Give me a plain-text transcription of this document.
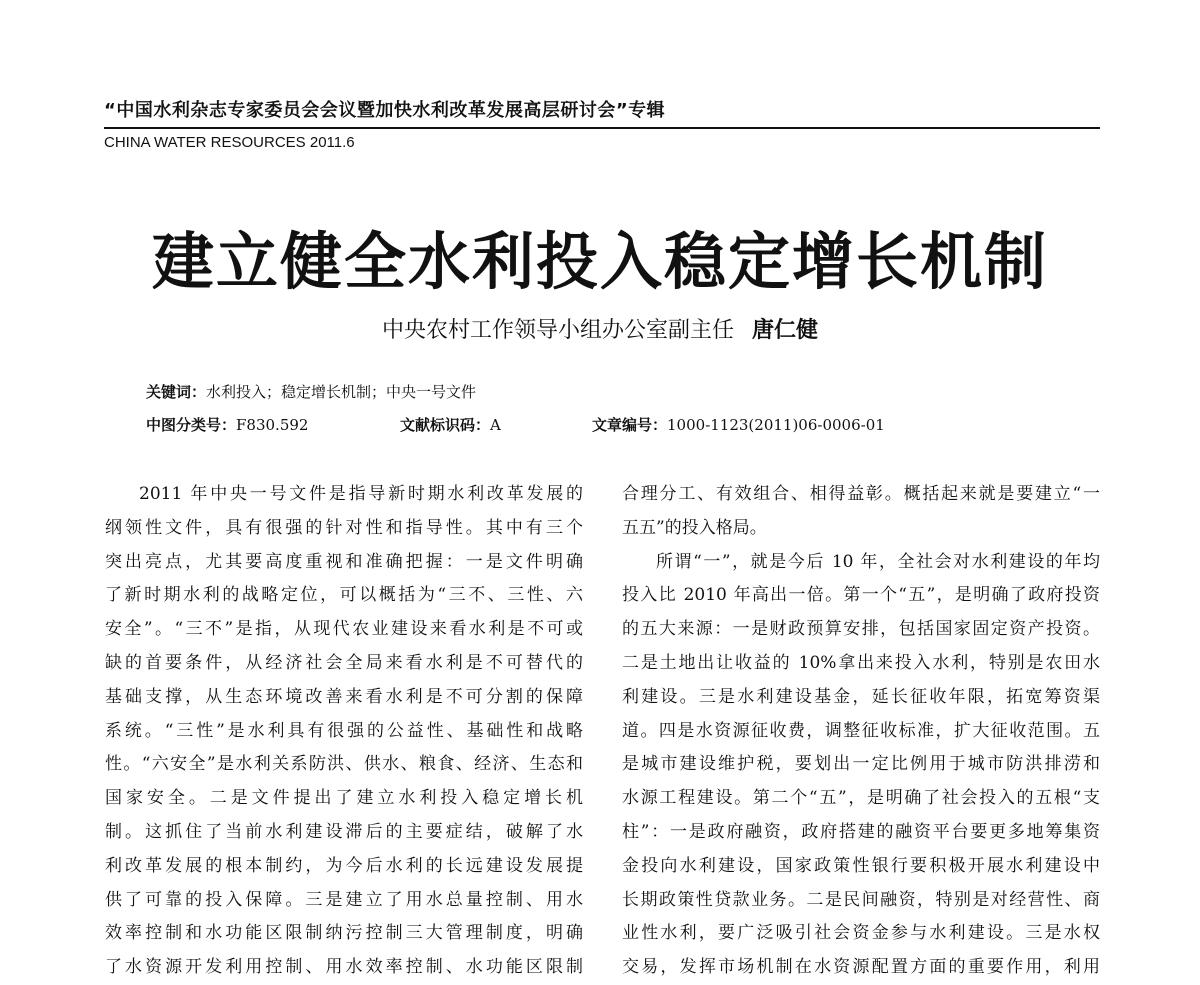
“中国水利杂志专家委员会会议暨加快水利改革发展高层研讨会”专辑
CHINA WATER RESOURCES 2011.6
建立健全水利投入稳定增长机制
中央农村工作领导小组办公室副主任 唐仁健
关键词：水利投入；稳定增长机制；中央一号文件
中图分类号：F830.592	文献标识码：A	文章编号：1000-1123(2011)06-0006-01
2011 年中央一号文件是指导新时期水利改革发展的
纲领性文件，具有很强的针对性和指导性。其中有三个
突出亮点，尤其要高度重视和准确把握：一是文件明确
了新时期水利的战略定位，可以概括为“三不、三性、六
安全”。“三不”是指，从现代农业建设来看水利是不可或
缺的首要条件，从经济社会全局来看水利是不可替代的
基础支撑，从生态环境改善来看水利是不可分割的保障
系统。“三性”是水利具有很强的公益性、基础性和战略
性。“六安全”是水利关系防洪、供水、粮食、经济、生态和
国家安全。二是文件提出了建立水利投入稳定增长机
制。这抓住了当前水利建设滞后的主要症结，破解了水
利改革发展的根本制约，为今后水利的长远建设发展提
供了可靠的投入保障。三是建立了用水总量控制、用水
效率控制和水功能区限制纳污控制三大管理制度，明确
了水资源开发利用控制、用水效率控制、水功能区限制
合理分工、有效组合、相得益彰。概括起来就是要建立“一
五五”的投入格局。
所谓“一”，就是今后 10 年，全社会对水利建设的年均
投入比 2010 年高出一倍。第一个“五”，是明确了政府投资
的五大来源：一是财政预算安排，包括国家固定资产投资。
二是土地出让收益的 10%拿出来投入水利，特别是农田水
利建设。三是水利建设基金，延长征收年限，拓宽筹资渠
道。四是水资源征收费，调整征收标准，扩大征收范围。五
是城市建设维护税，要划出一定比例用于城市防洪排涝和
水源工程建设。第二个“五”，是明确了社会投入的五根“支
柱”：一是政府融资，政府搭建的融资平台要更多地筹集资
金投向水利建设，国家政策性银行要积极开展水利建设中
长期政策性贷款业务。二是民间融资，特别是对经营性、商
业性水利，要广泛吸引社会资金参与水利建设。三是水权
交易，发挥市场机制在水资源配置方面的重要作用，利用
